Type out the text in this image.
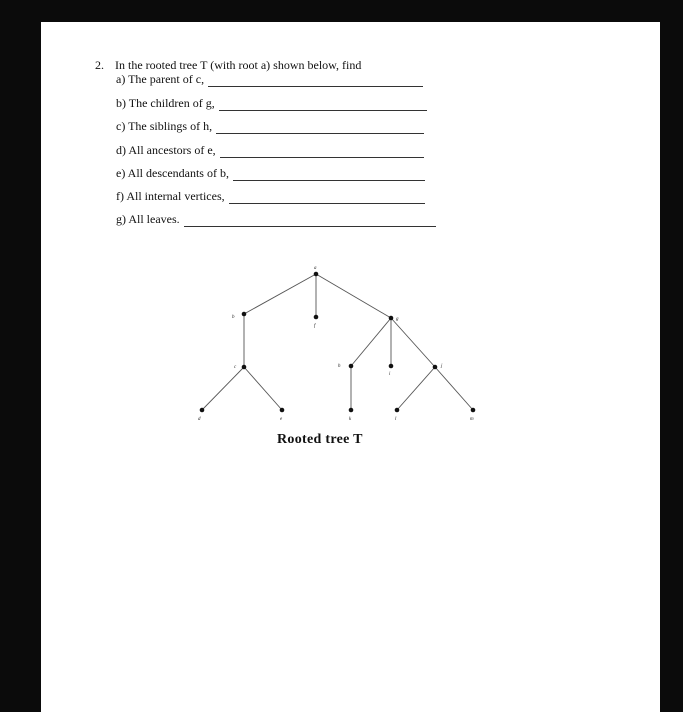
2. In the rooted tree T (with root a) shown below, find
a) The parent of c,
b) The children of g,
c) The siblings of h,
d) All ancestors of e,
e) All descendants of b,
f) All internal vertices,
g) All leaves.
a
b
c
d	e
f
g
h
i
j
k	l	m
Rooted tree T
